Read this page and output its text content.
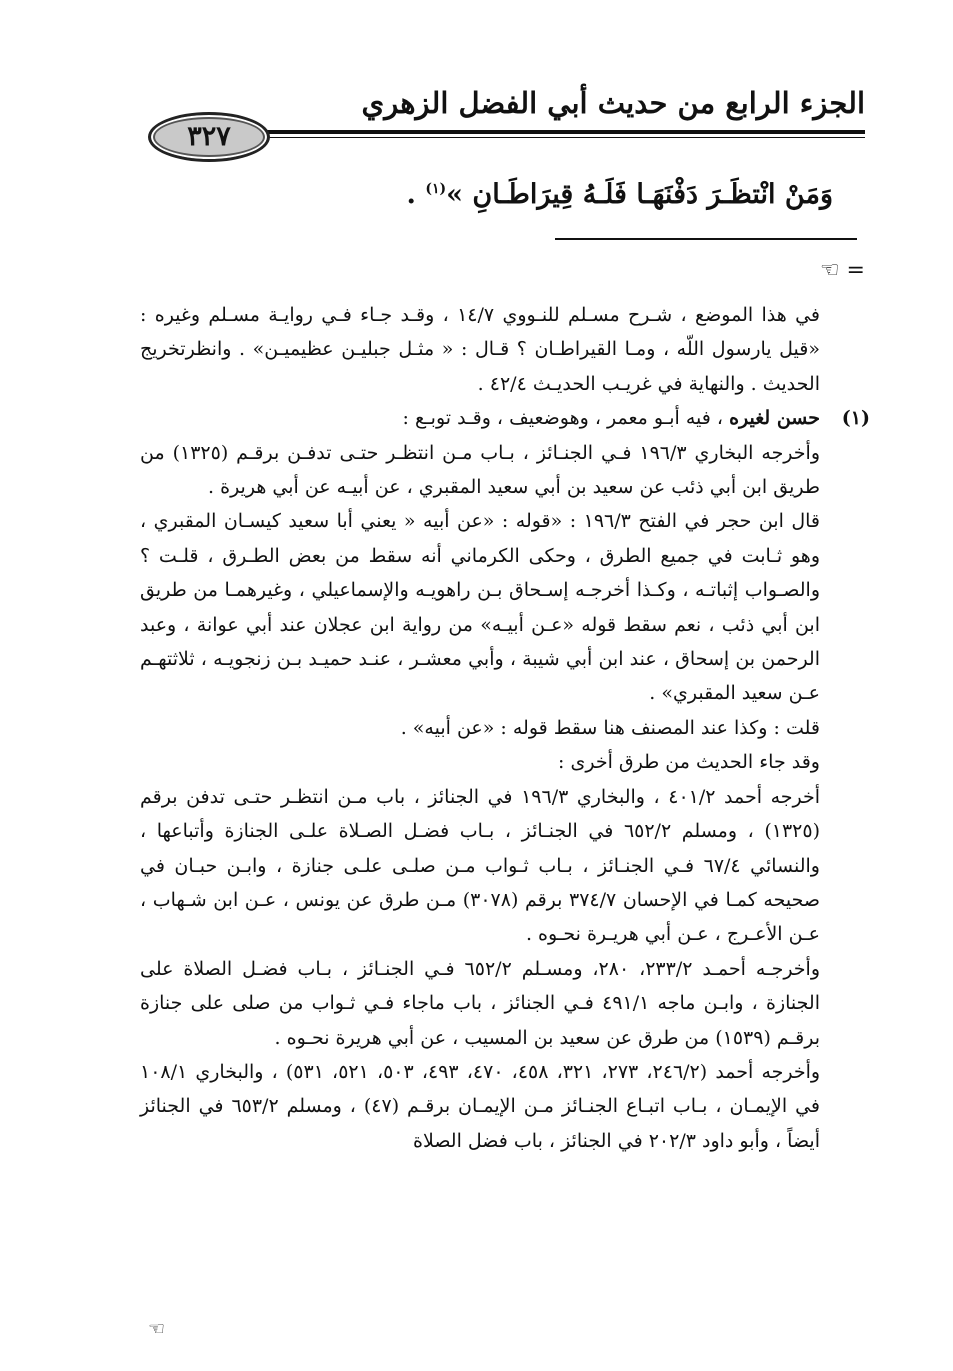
الجزء الرابع من حديث أبي الفضل الزهري
٣٢٧
وَمَنْ انْتظَـرَ دَفْنَهَـا فَلَـهُ قِيرَاطَـانِ »$^{(١)}$ .
= ☜

في هذا الموضع ، شـرح مسـلم للنـووي ١٤/٧ ، وقـد جـاء فـي روايـة مسـلم وغيره : «قيل يارسول اللّه ، ومـا القيراطـان ؟ قـال : « مثـل جبليـن عظيميـن» . وانظرتخريج الحديث . والنهاية في غريـب الحديـث ٤٢/٤ .

(١)
حسن لغيره ، فيه أبـو معمر ، وهوضعيف ، وقـد توبـع :

وأخرجه البخاري ١٩٦/٣ فـي الجنـائز ، بـاب مـن انتظـر حتـى تدفـن برقـم (١٣٢٥) من طريق ابن أبي ذئب عن سعيد بن أبي سعيد المقبري ، عن أبيـه عن أبي هريرة .

قال ابن حجر في الفتح ١٩٦/٣ : «قوله : «عن أبيه « يعني أبا سعيد كيسـان المقبري ، وهو ثـابت في جميع الطرق ، وحكى الكرماني أنه سقط من بعض الطـرق ، قلـت ؟ والصـواب إثباتـه ، وكـذا أخرجـه إسـحاق بـن راهويـه والإسماعيلي ، وغيرهمـا من طريق ابن أبي ذئب ، نعم سقط قوله «عـن أبيـه» من رواية ابن عجلان عند أبي عوانة ، وعبد الرحمن بن إسحاق ، عند ابن أبي شيبة ، وأبي معشـر ، عنـد حميـد بـن زنجويـه ، ثلاثتهـم عـن سعيد المقبري» .

قلت : وكذا عند المصنف هنا سقط قوله : «عن أبيه» .

وقد جاء الحديث من طرق أخرى :

أخرجه أحمد ٤٠١/٢ ، والبخاري ١٩٦/٣ في الجنائز ، باب مـن انتظـر حتـى تدفن برقم (١٣٢٥) ، ومسلم ٦٥٢/٢ في الجنـائز ، بـاب فضـل الصـلاة علـى الجنازة وأتباعها ، والنسائي ٦٧/٤ فـي الجنـائز ، بـاب ثـواب مـن صلـى علـى جنازة ، وابـن حبـان في صحيحه كمـا في الإحسان ٣٧٤/٧ برقم (٣٠٧٨) مـن طرق عن يونس ، عـن ابن شـهاب ، عـن الأعـرج ، عـن أبي هريـرة نحـوه .

وأخرجـه أحمـد ٢٣٣/٢، ٢٨٠، ومسـلم ٦٥٢/٢ فـي الجنـائز ، بـاب فضـل الصلاة على الجنازة ، وابـن ماجه ٤٩١/١ فـي الجنائز ، باب ماجاء فـي ثـواب من صلى على جنازة برقـم (١٥٣٩) من طرق عن سعيد بن المسيب ، عن أبي هريرة نحـوه .

وأخرجه أحمد (٢٤٦/٢، ٢٧٣، ٣٢١، ٤٥٨، ٤٧٠، ٤٩٣، ٥٠٣، ٥٢١، ٥٣١) ، والبخاري ١٠٨/١ في الإيمـان ، بـاب اتبـاع الجنـائز مـن الإيمـان برقـم (٤٧) ، ومسلم ٦٥٣/٢ في الجنائز أيضاً ، وأبو داود ٢٠٢/٣ في الجنائز ، باب فضل الصلاة

☜
